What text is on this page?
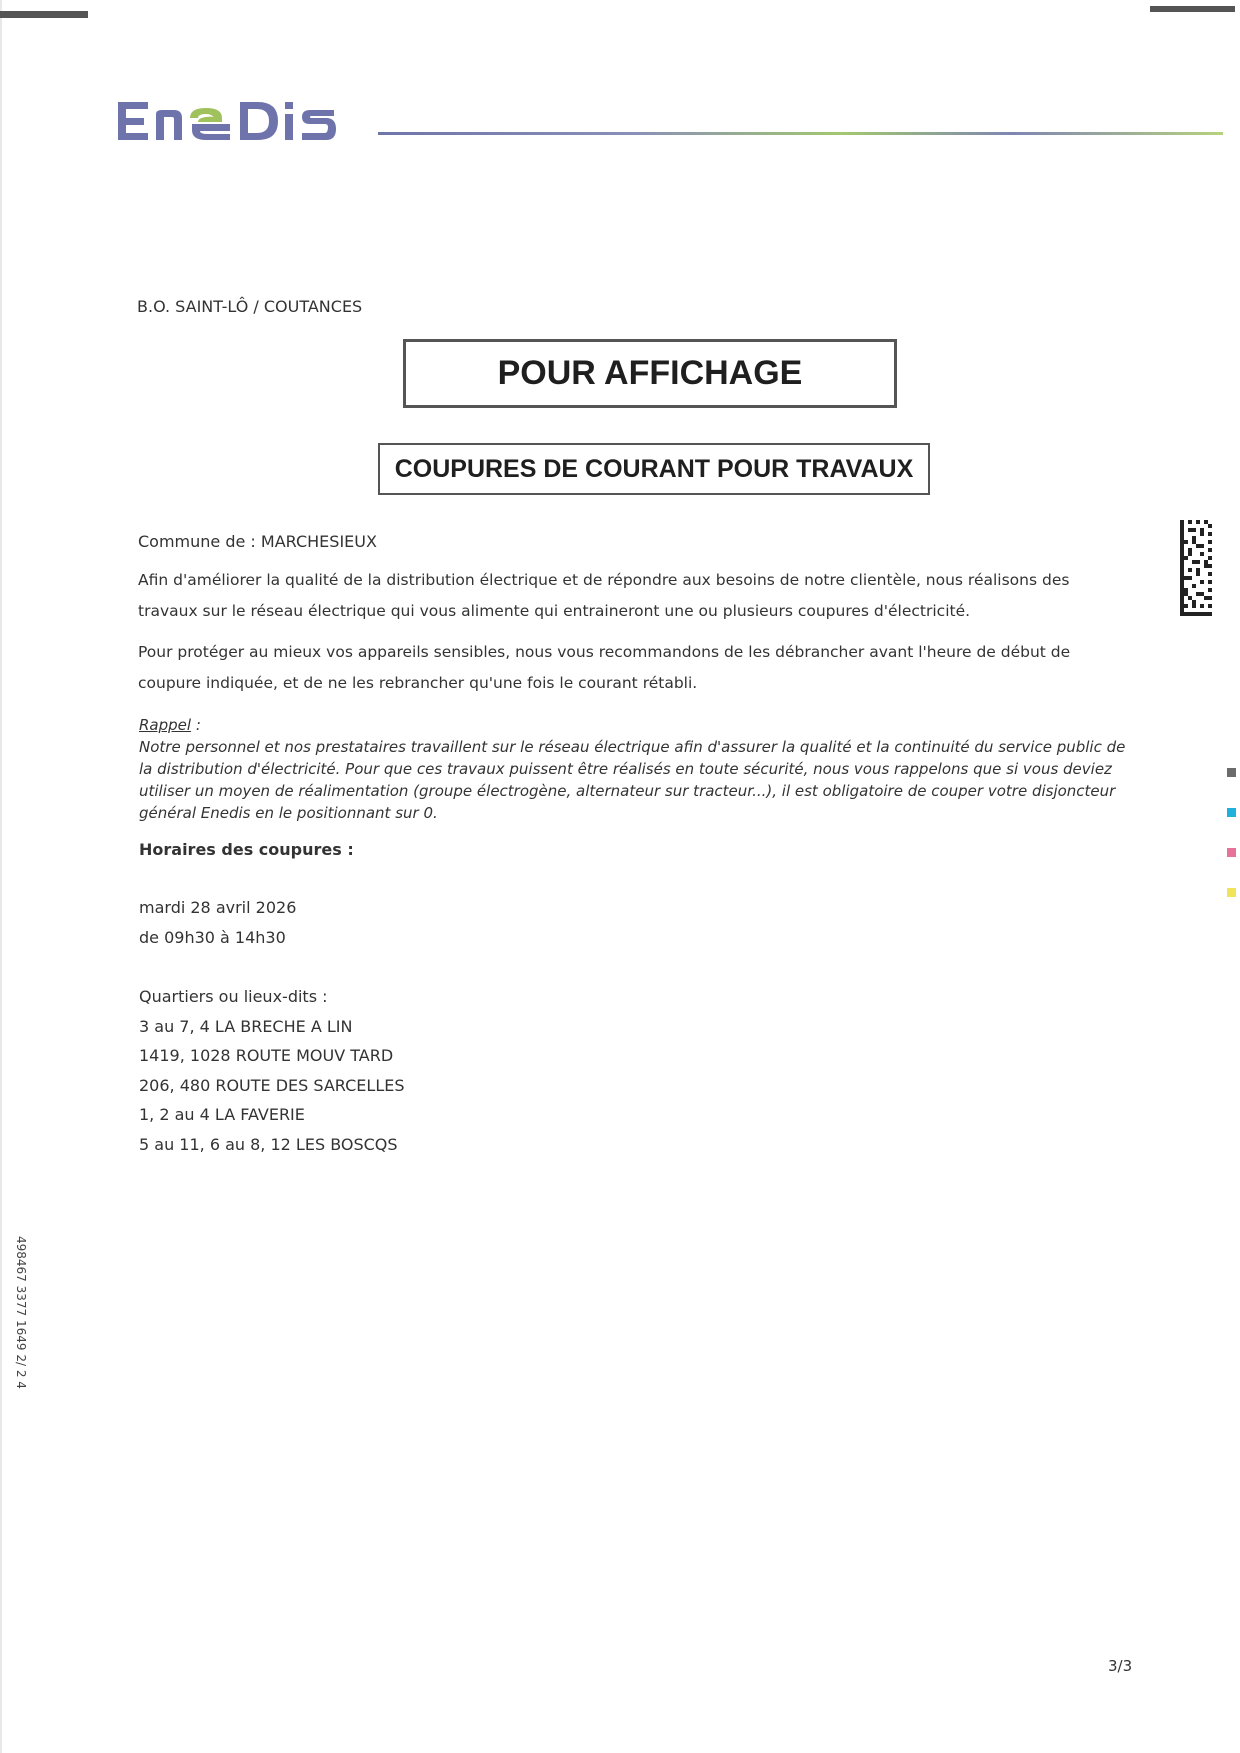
B.O. SAINT-LÔ / COUTANCES
POUR AFFICHAGE
COUPURES DE COURANT POUR TRAVAUX
Commune de : MARCHESIEUX
Afin d'améliorer la qualité de la distribution électrique et de répondre aux besoins de notre clientèle, nous réalisons des travaux sur le réseau électrique qui vous alimente qui entraineront une ou plusieurs coupures d'électricité.
Pour protéger au mieux vos appareils sensibles, nous vous recommandons de les débrancher avant l'heure de début de coupure indiquée, et de ne les rebrancher qu'une fois le courant rétabli.
Rappel :
Notre personnel et nos prestataires travaillent sur le réseau électrique afin d'assurer la qualité et la continuité du service public de la distribution d'électricité. Pour que ces travaux puissent être réalisés en toute sécurité, nous vous rappelons que si vous deviez utiliser un moyen de réalimentation (groupe électrogène, alternateur sur tracteur...), il est obligatoire de couper votre disjoncteur général Enedis en le positionnant sur 0.
Horaires des coupures :
mardi 28 avril 2026
de 09h30 à 14h30
Quartiers ou lieux-dits :
3 au 7, 4 LA BRECHE A LIN
1419, 1028 ROUTE MOUV TARD
206, 480 ROUTE DES SARCELLES
1, 2 au 4 LA FAVERIE
5 au 11, 6 au 8, 12 LES BOSCQS
498467 3377 1649 2/ 2 4
3/3
